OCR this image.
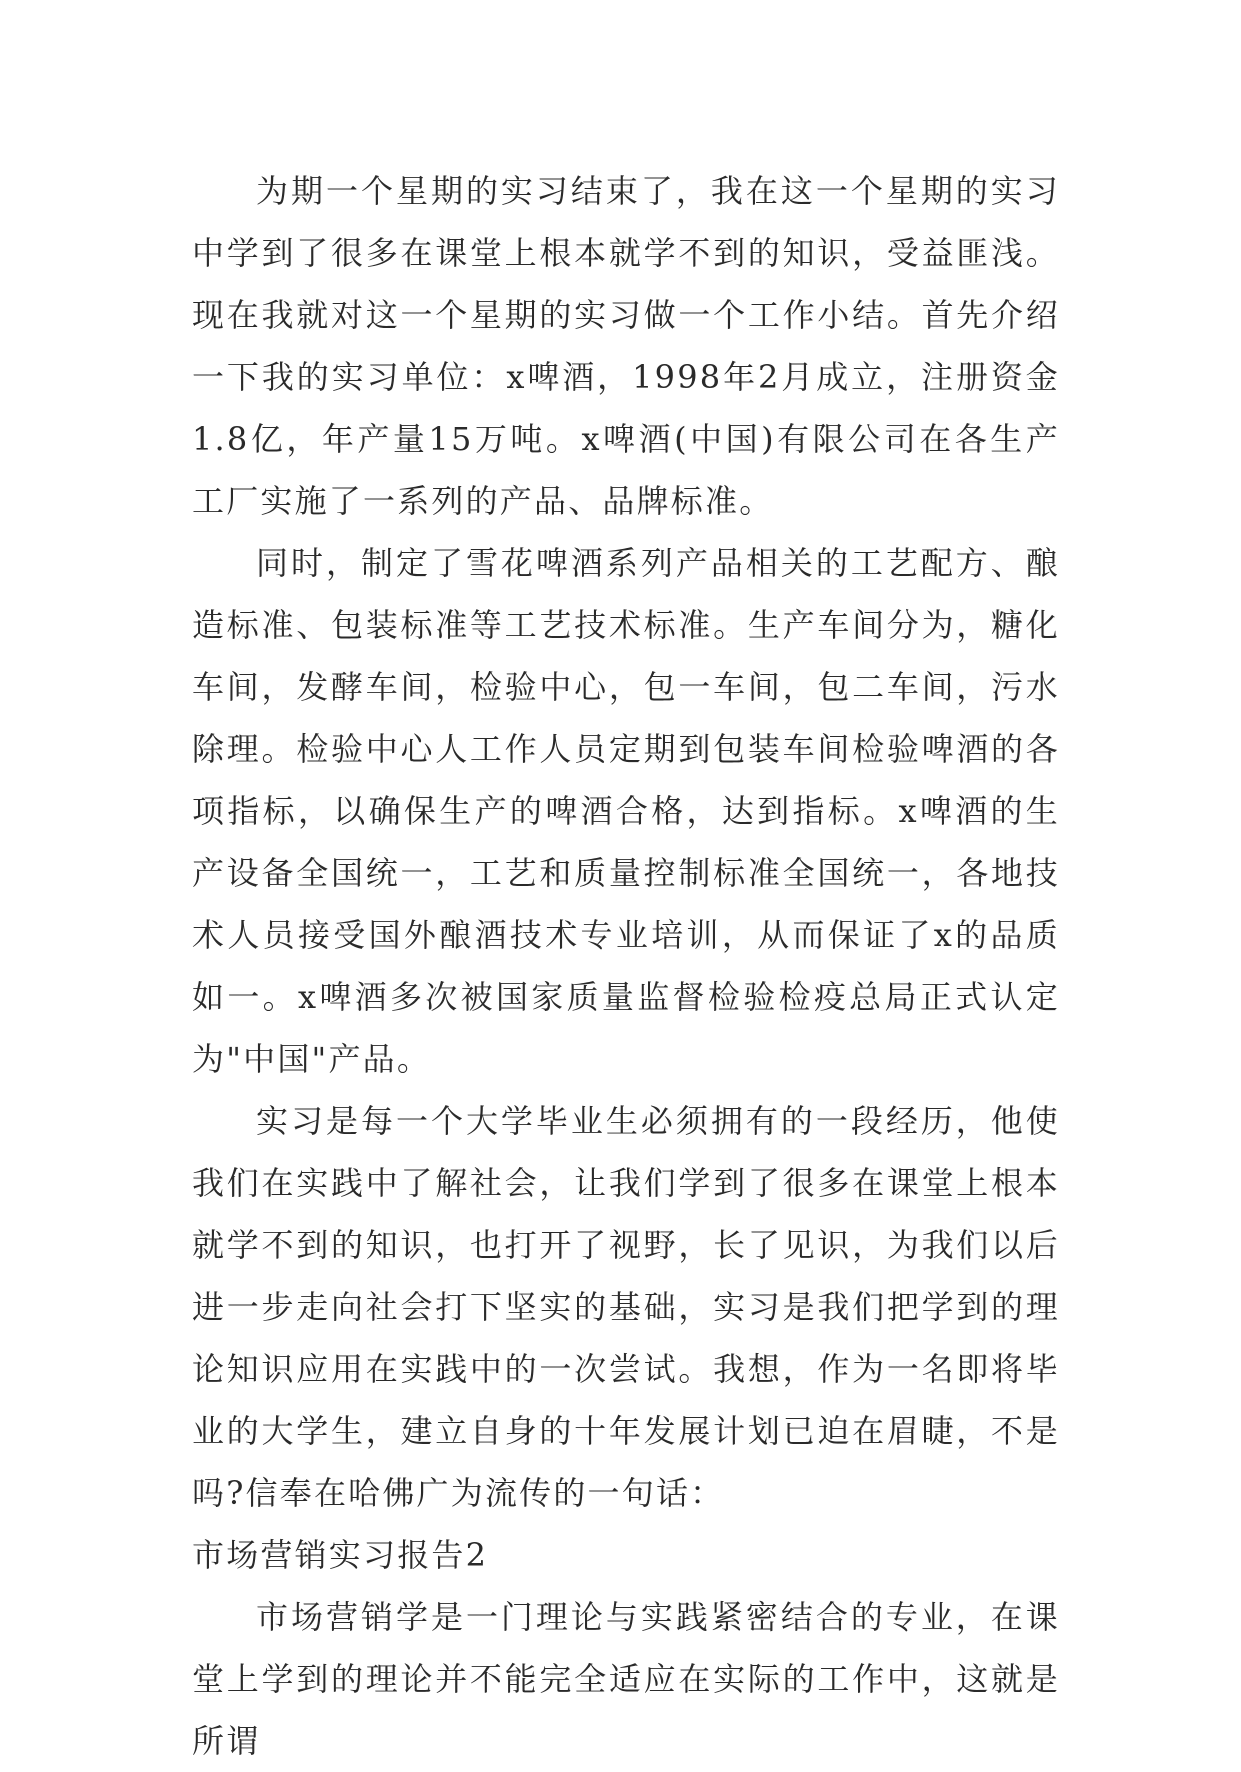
为期一个星期的实习结束了，我在这一个星期的实习中学到了很多在课堂上根本就学不到的知识，受益匪浅。现在我就对这一个星期的实习做一个工作小结。首先介绍一下我的实习单位：x啤酒，1998年2月成立，注册资金1.8亿，年产量15万吨。x啤酒(中国)有限公司在各生产工厂实施了一系列的产品、品牌标准。

同时，制定了雪花啤酒系列产品相关的工艺配方、酿造标准、包装标准等工艺技术标准。生产车间分为，糖化车间，发酵车间，检验中心，包一车间，包二车间，污水除理。检验中心人工作人员定期到包装车间检验啤酒的各项指标，以确保生产的啤酒合格，达到指标。x啤酒的生产设备全国统一，工艺和质量控制标准全国统一，各地技术人员接受国外酿酒技术专业培训，从而保证了x的品质如一。x啤酒多次被国家质量监督检验检疫总局正式认定为"中国"产品。

实习是每一个大学毕业生必须拥有的一段经历，他使我们在实践中了解社会，让我们学到了很多在课堂上根本就学不到的知识，也打开了视野，长了见识，为我们以后进一步走向社会打下坚实的基础，实习是我们把学到的理论知识应用在实践中的一次尝试。我想，作为一名即将毕业的大学生，建立自身的十年发展计划已迫在眉睫，不是吗?信奉在哈佛广为流传的一句话：

市场营销实习报告2

市场营销学是一门理论与实践紧密结合的专业，在课堂上学到的理论并不能完全适应在实际的工作中，这就是所谓
